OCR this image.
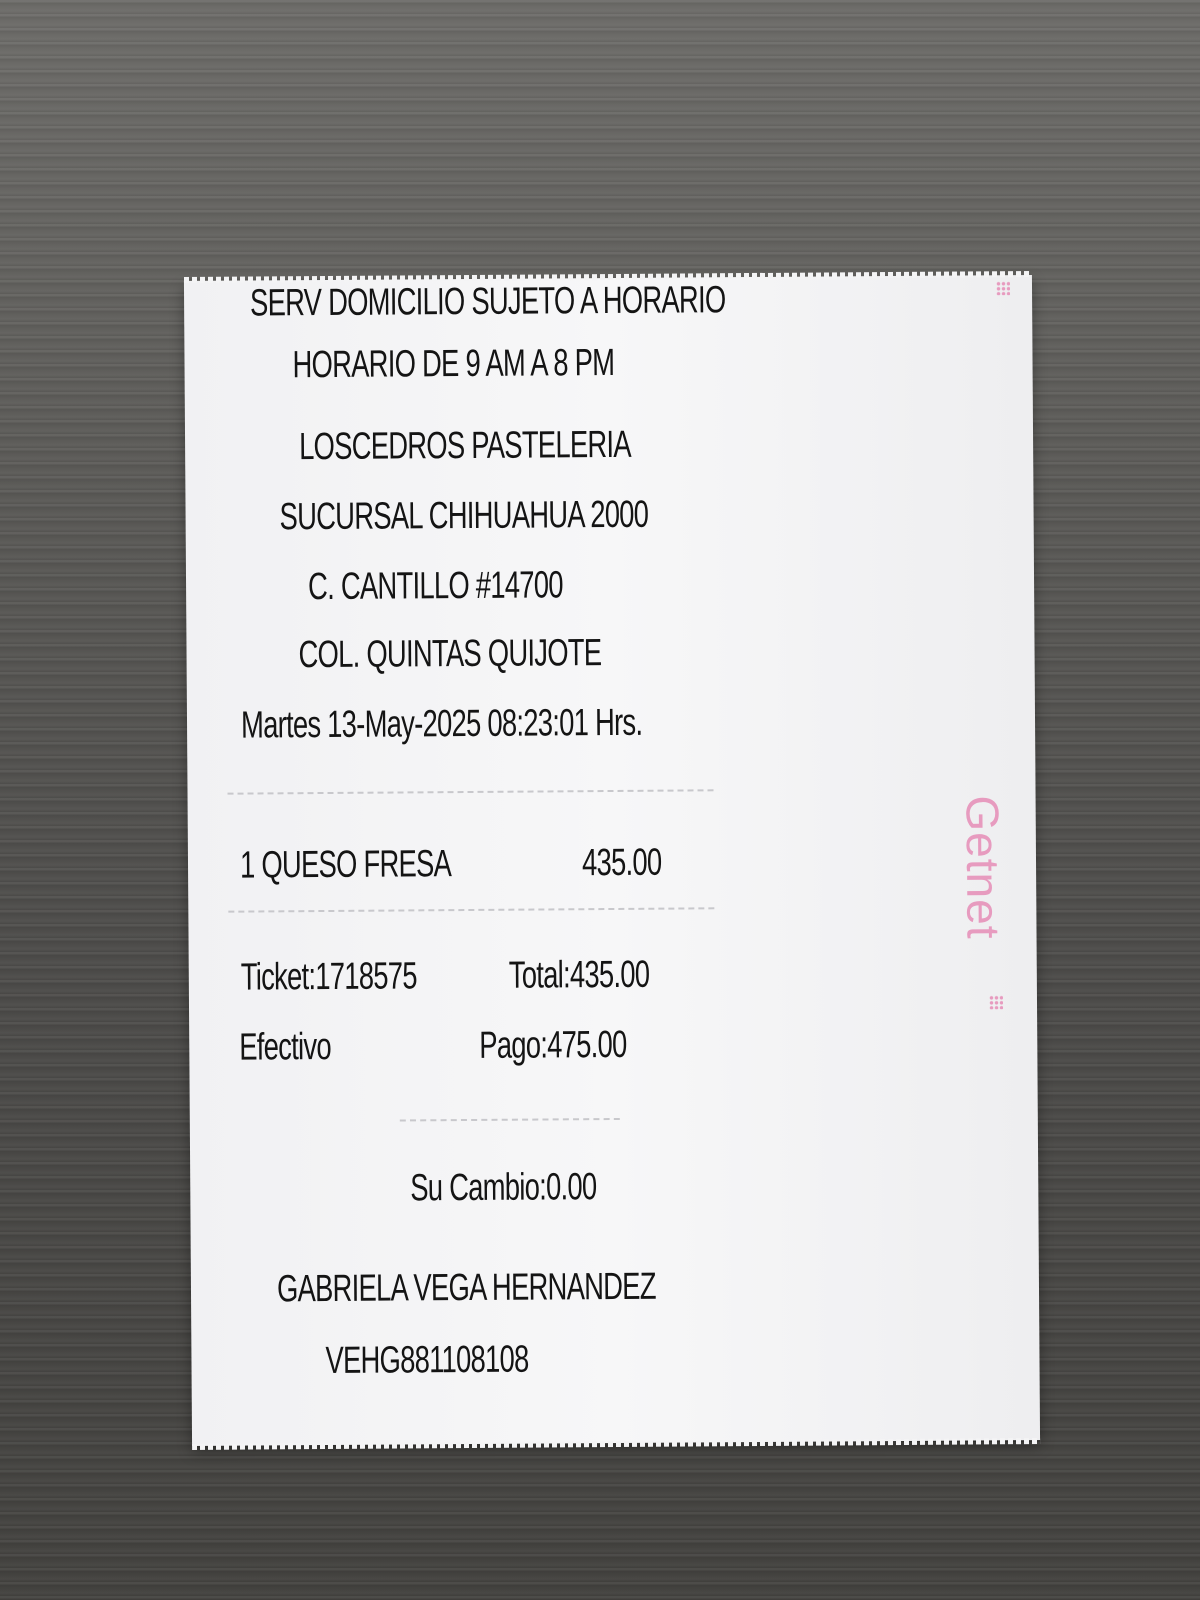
SERV DOMICILIO SUJETO A HORARIO
HORARIO DE 9 AM A 8 PM
LOSCEDROS PASTELERIA
SUCURSAL CHIHUAHUA 2000
C. CANTILLO #14700
COL. QUINTAS QUIJOTE
Martes 13-May-2025 08:23:01 Hrs.
1 QUESO FRESA	435.00
Ticket:1718575 Total:435.00
Efectivo	Pago:475.00
Su Cambio:0.00
GABRIELA VEGA HERNANDEZ
VEHG881108108
Getnet
